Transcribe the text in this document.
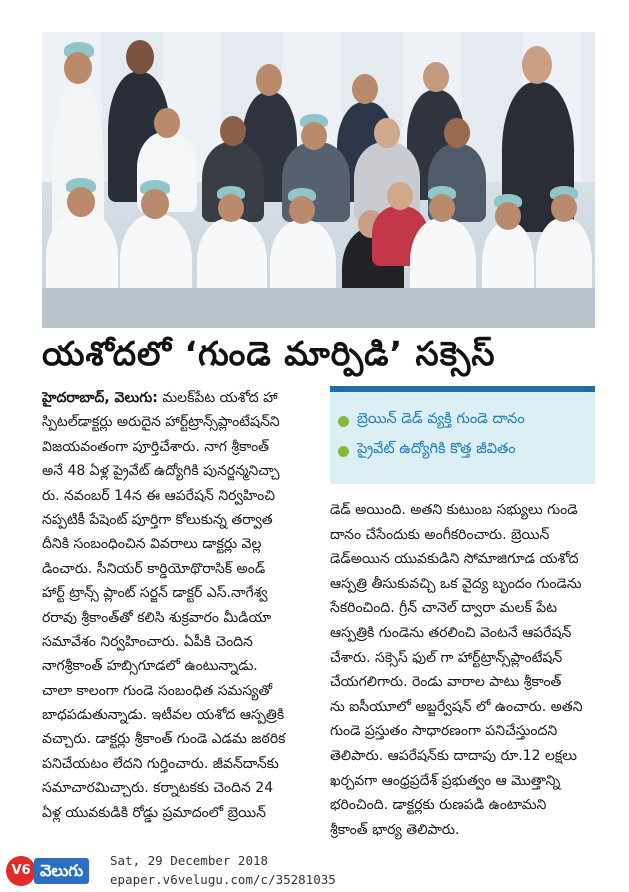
యశోదలో ‘గుండె మార్పిడి’ సక్సెస్
హైదరాబాద్, వెలుగు: మలక్‌పేట యశోద హా
స్పిటల్‌డాక్టర్లు అరుదైన హార్ట్‌ట్రాన్స్‌ప్లాంటేషన్‌ని
విజయవంతంగా పూర్తిచేశారు. నాగ శ్రీకాంత్
అనే 48 ఏళ్ల ప్రైవేట్ ఉద్యోగికి పునర్జన్మనిచ్చా
రు. నవంబర్ 14న ఈ ఆపరేషన్ నిర్వహించి
నప్పటికీ పేషెంట్ పూర్తిగా కోలుకున్న తర్వాత
దీనికి సంబంధించిన వివరాలు డాక్టర్లు వెల్ల
డించారు. సీనియర్ కార్డియోథొరాసిక్ అండ్
హార్ట్ ట్రాన్స్ ప్లాంట్ సర్జన్ డాక్టర్ ఎస్.నాగేశ్వ
రరావు శ్రీకాంత్‌తో కలిసి శుక్రవారం మీడియా
సమావేశం నిర్వహించారు. ఏపీకి చెందిన
నాగశ్రీకాంత్ హబ్సిగూడలో ఉంటున్నాడు.
చాలా కాలంగా గుండె సంబంధిత సమస్యతో
బాధపడుతున్నాడు. ఇటీవల యశోద ఆస్పత్రికి
వచ్చారు. డాక్టర్లు శ్రీకాంత్ గుండె ఎడమ జఠరిక
పనిచేయటం లేదని గుర్తించారు. జీవన్‌దాన్‌కు
సమాచారమిచ్చారు. కర్నాటకకు చెందిన 24
ఏళ్ల యువకుడికి రోడ్డు ప్రమాదంలో బ్రెయిన్
బ్రెయిన్ డెడ్ వ్యక్తి గుండె దానం
ప్రైవేట్ ఉద్యోగికి కొత్త జీవితం
డెడ్ అయింది. అతని కుటుంబ సభ్యులు గుండె
దానం చేసేందుకు అంగీకరించారు. బ్రెయిన్
డెడ్‌అయిన యువకుడిని సోమాజిగూడ యశోద
ఆస్పత్రి తీసుకువచ్చి ఒక వైద్య బృందం గుండెను
సేకరించింది. గ్రీన్ చానెల్ ద్వారా మలక్ పేట
ఆస్పత్రికి గుండెను తరలించి వెంటనే ఆపరేషన్
చేశారు. సక్సెస్ ఫుల్ గా హార్ట్‌ట్రాన్స్‌ప్లాంటేషన్
చేయగలిగారు. రెండు వారాల పాటు శ్రీకాంత్
ను ఐసీయూలో అబ్జర్వేషన్ లో ఉంచారు. అతని
గుండె ప్రస్తుతం సాధారణంగా పనిచేస్తుందని
తెలిపారు. ఆపరేషన్‌కు దాదాపు రూ.12 లక్షలు
ఖర్చవగా ఆంధ్రప్రదేశ్ ప్రభుత్వం ఆ మొత్తాన్ని
భరించింది. డాక్టర్లకు రుణపడి ఉంటామని
శ్రీకాంత్ భార్య తెలిపారు.
V6 వెలుగు
Sat, 29 December 2018
epaper.v6velugu.com/c/35281035
